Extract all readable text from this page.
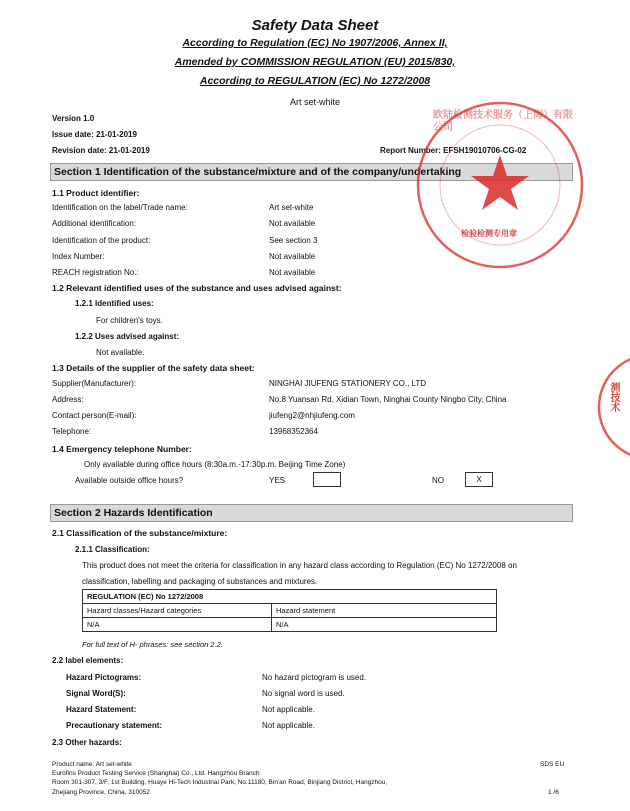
Safety Data Sheet
According to Regulation (EC) No 1907/2006, Annex II,
Amended by COMMISSION REGULATION (EU) 2015/830,
According to REGULATION (EC) No 1272/2008
Art set-white
Version 1.0
Issue date: 21-01-2019
Revision date: 21-01-2019	Report Number: EFSH19010706-CG-02
Section 1 Identification of the substance/mixture and of the company/undertaking
1.1 Product identifier:
Identification on the label/Trade name:	Art set-white
Additional identification:	Not available
Identification of the product:	See section 3
Index Number:	Not available
REACH registration No.:	Not available
1.2 Relevant identified uses of the substance and uses advised against:
1.2.1 Identified uses:
For children's toys.
1.2.2 Uses advised against:
Not available.
1.3 Details of the supplier of the safety data sheet:
Supplier(Manufacturer):	NINGHAI JIUFENG STATIONERY CO., LTD
Address:	No.8 Yuansan Rd, Xidian Town, Ninghai County Ningbo City, China
Contact person(E-mail):	jiufeng2@nhjiufeng.com
Telephone:	13968352364
1.4 Emergency telephone Number:
Only available during office hours (8:30a.m.-17:30p.m. Beijing Time Zone)
Available outside office hours?	YES	NO	X
Section 2 Hazards Identification
2.1 Classification of the substance/mixture:
2.1.1 Classification:
This product does not meet the criteria for classification in any hazard class according to Regulation (EC) No 1272/2008 on
classification, labelling and packaging of substances and mixtures.
REGULATION (EC) No 1272/2008	
Hazard classes/Hazard categories	Hazard statement
N/A	N/A
For full text of H- phrases: see section 2.2.
2.2 label elements:
Hazard Pictograms:	No hazard pictogram is used.
Signal Word(S):	No signal word is used.
Hazard Statement:	Not applicable.
Precautionary statement:	Not applicable.
2.3 Other hazards:
Product name: Art set-white
Eurofins Product Testing Service (Shanghai) Co., Ltd. Hangzhou Branch
Room 301-307, 3/F, 1st Building, Huaye Hi-Tech Industrial Park, No.11180, Bin'an Road, Binjiang District, Hangzhou,
Zhejiang Province, China, 310052
SDS EU
1 /6
欧陆检测技术服务（上海）有限公司
检验检测专用章
测技术
